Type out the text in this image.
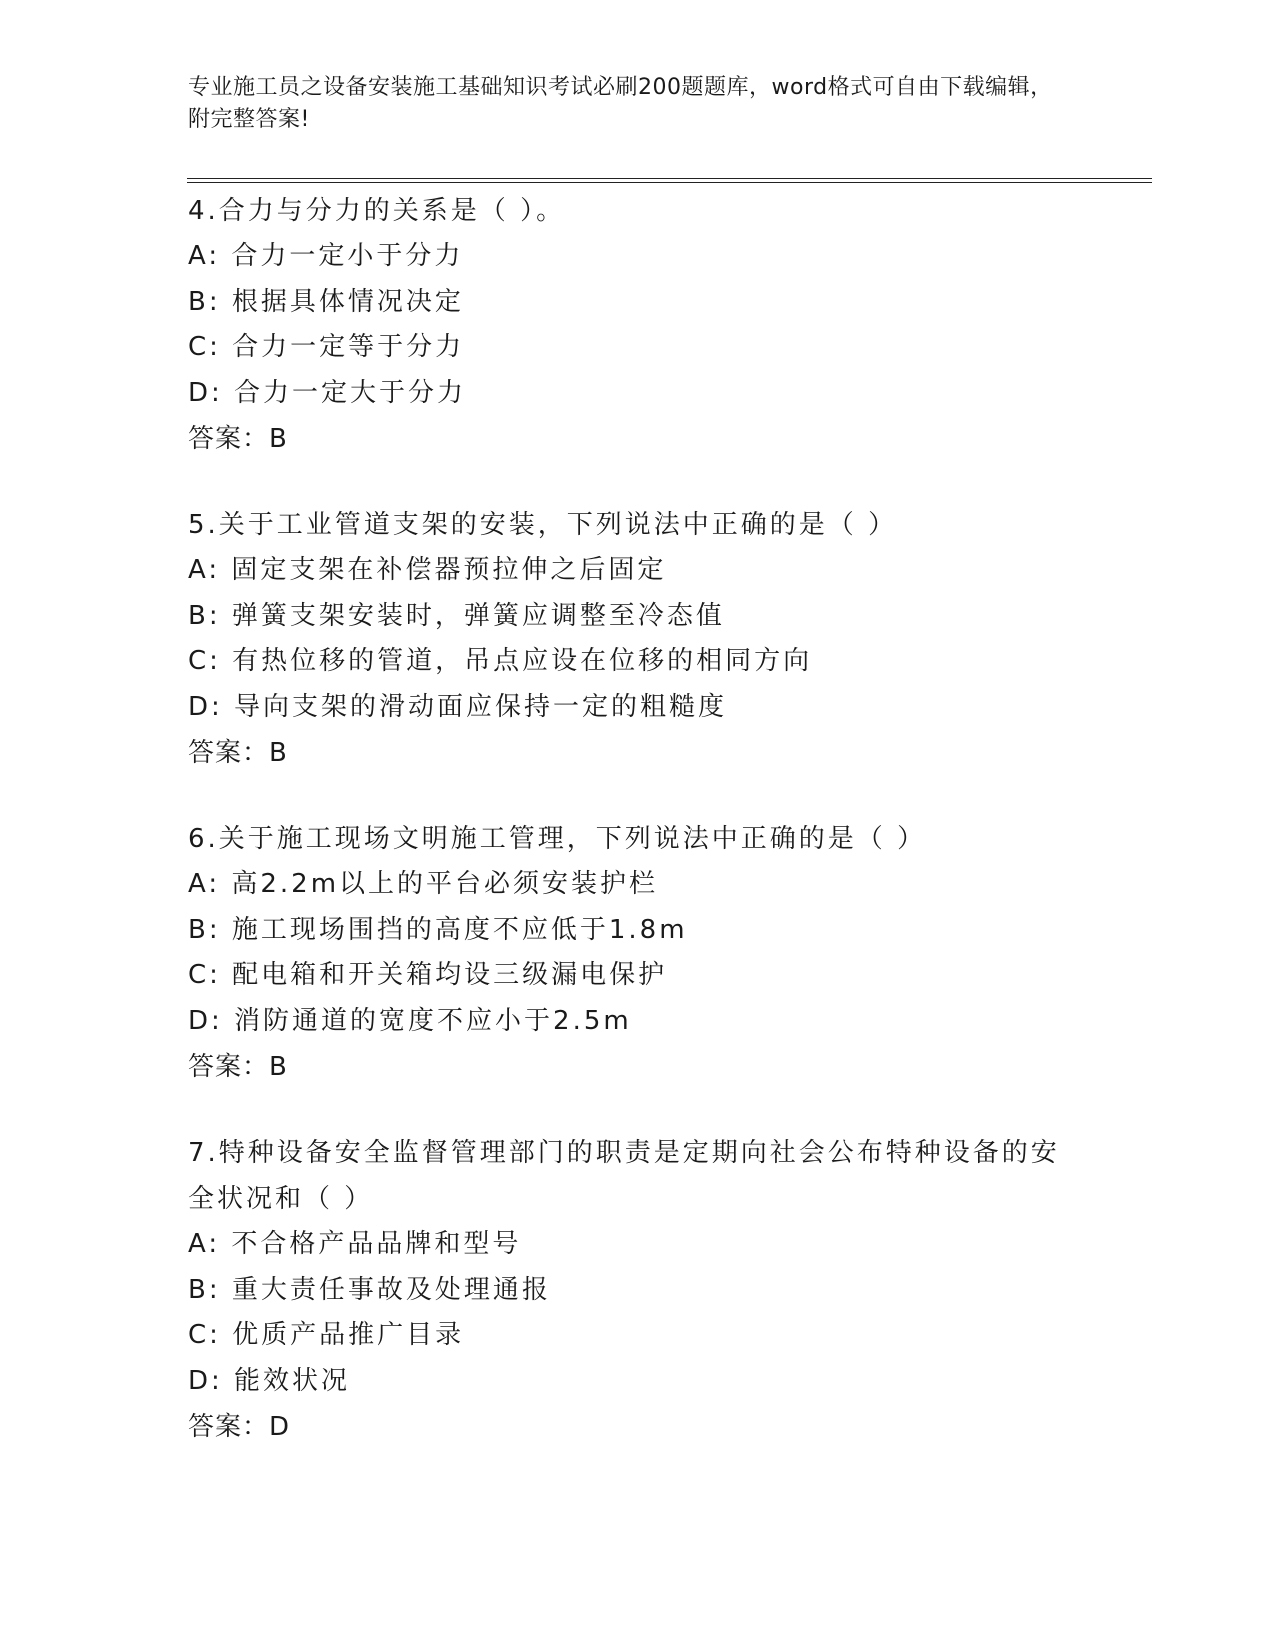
专业施工员之设备安装施工基础知识考试必刷200题题库，word格式可自由下载编辑，附完整答案!
4.合力与分力的关系是（ ）。
A: 合力一定小于分力
B: 根据具体情况决定
C: 合力一定等于分力
D: 合力一定大于分力
答案：B
5.关于工业管道支架的安装，下列说法中正确的是（ ）
A: 固定支架在补偿器预拉伸之后固定
B: 弹簧支架安装时，弹簧应调整至冷态值
C: 有热位移的管道，吊点应设在位移的相同方向
D: 导向支架的滑动面应保持一定的粗糙度
答案：B
6.关于施工现场文明施工管理，下列说法中正确的是（ ）
A: 高2.2m以上的平台必须安装护栏
B: 施工现场围挡的高度不应低于1.8m
C: 配电箱和开关箱均设三级漏电保护
D: 消防通道的宽度不应小于2.5m
答案：B
7.特种设备安全监督管理部门的职责是定期向社会公布特种设备的安全状况和（ ）
A: 不合格产品品牌和型号
B: 重大责任事故及处理通报
C: 优质产品推广目录
D: 能效状况
答案：D
